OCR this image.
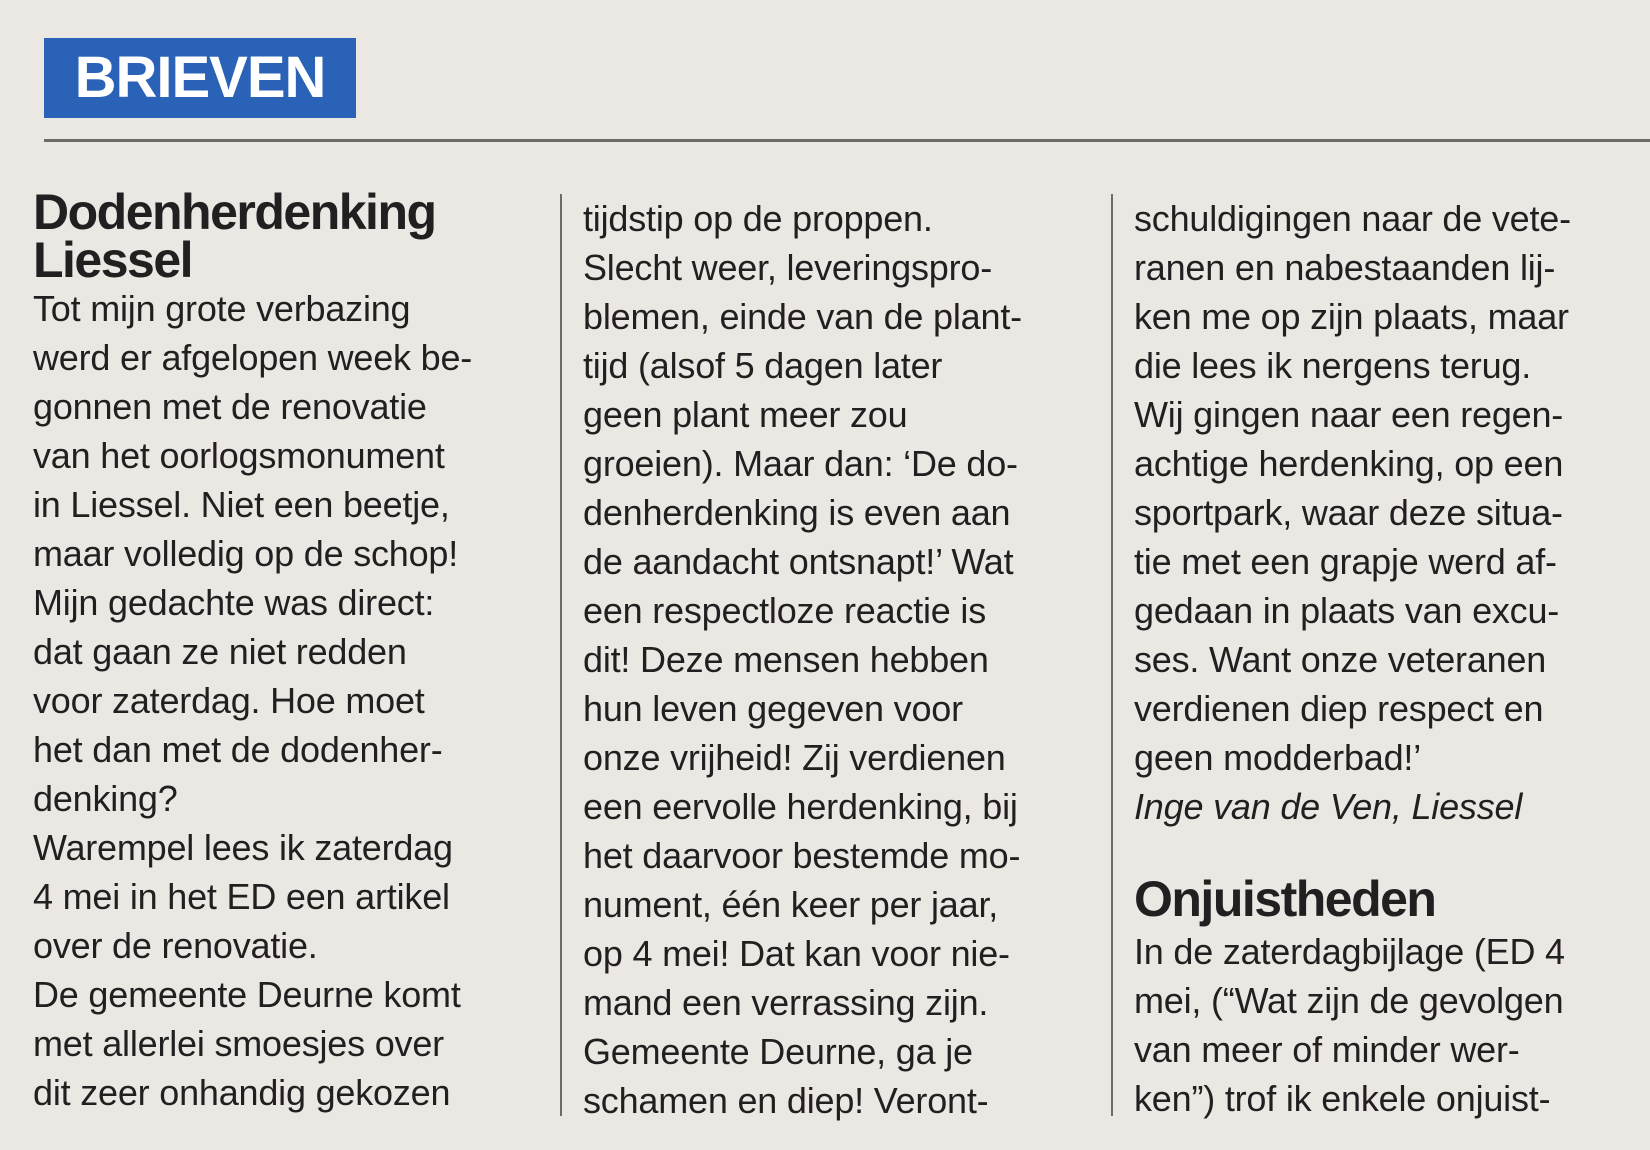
BRIEVEN
Dodenherdenking
Liessel
Tot mijn grote verbazing
werd er afgelopen week be-
gonnen met de renovatie
van het oorlogsmonument
in Liessel. Niet een beetje,
maar volledig op de schop!
Mijn gedachte was direct:
dat gaan ze niet redden
voor zaterdag. Hoe moet
het dan met de dodenher-
denking?
Warempel lees ik zaterdag
4 mei in het ED een artikel
over de renovatie.
De gemeente Deurne komt
met allerlei smoesjes over
dit zeer onhandig gekozen
tijdstip op de proppen.
Slecht weer, leveringspro-
blemen, einde van de plant-
tijd (alsof 5 dagen later
geen plant meer zou
groeien). Maar dan: ‘De do-
denherdenking is even aan
de aandacht ontsnapt!’ Wat
een respectloze reactie is
dit! Deze mensen hebben
hun leven gegeven voor
onze vrijheid! Zij verdienen
een eervolle herdenking, bij
het daarvoor bestemde mo-
nument, één keer per jaar,
op 4 mei! Dat kan voor nie-
mand een verrassing zijn.
Gemeente Deurne, ga je
schamen en diep! Veront-
schuldigingen naar de vete-
ranen en nabestaanden lij-
ken me op zijn plaats, maar
die lees ik nergens terug.
Wij gingen naar een regen-
achtige herdenking, op een
sportpark, waar deze situa-
tie met een grapje werd af-
gedaan in plaats van excu-
ses. Want onze veteranen
verdienen diep respect en
geen modderbad!’
Inge van de Ven, Liessel
Onjuistheden
In de zaterdagbijlage (ED 4
mei, (“Wat zijn de gevolgen
van meer of minder wer-
ken”) trof ik enkele onjuist-
